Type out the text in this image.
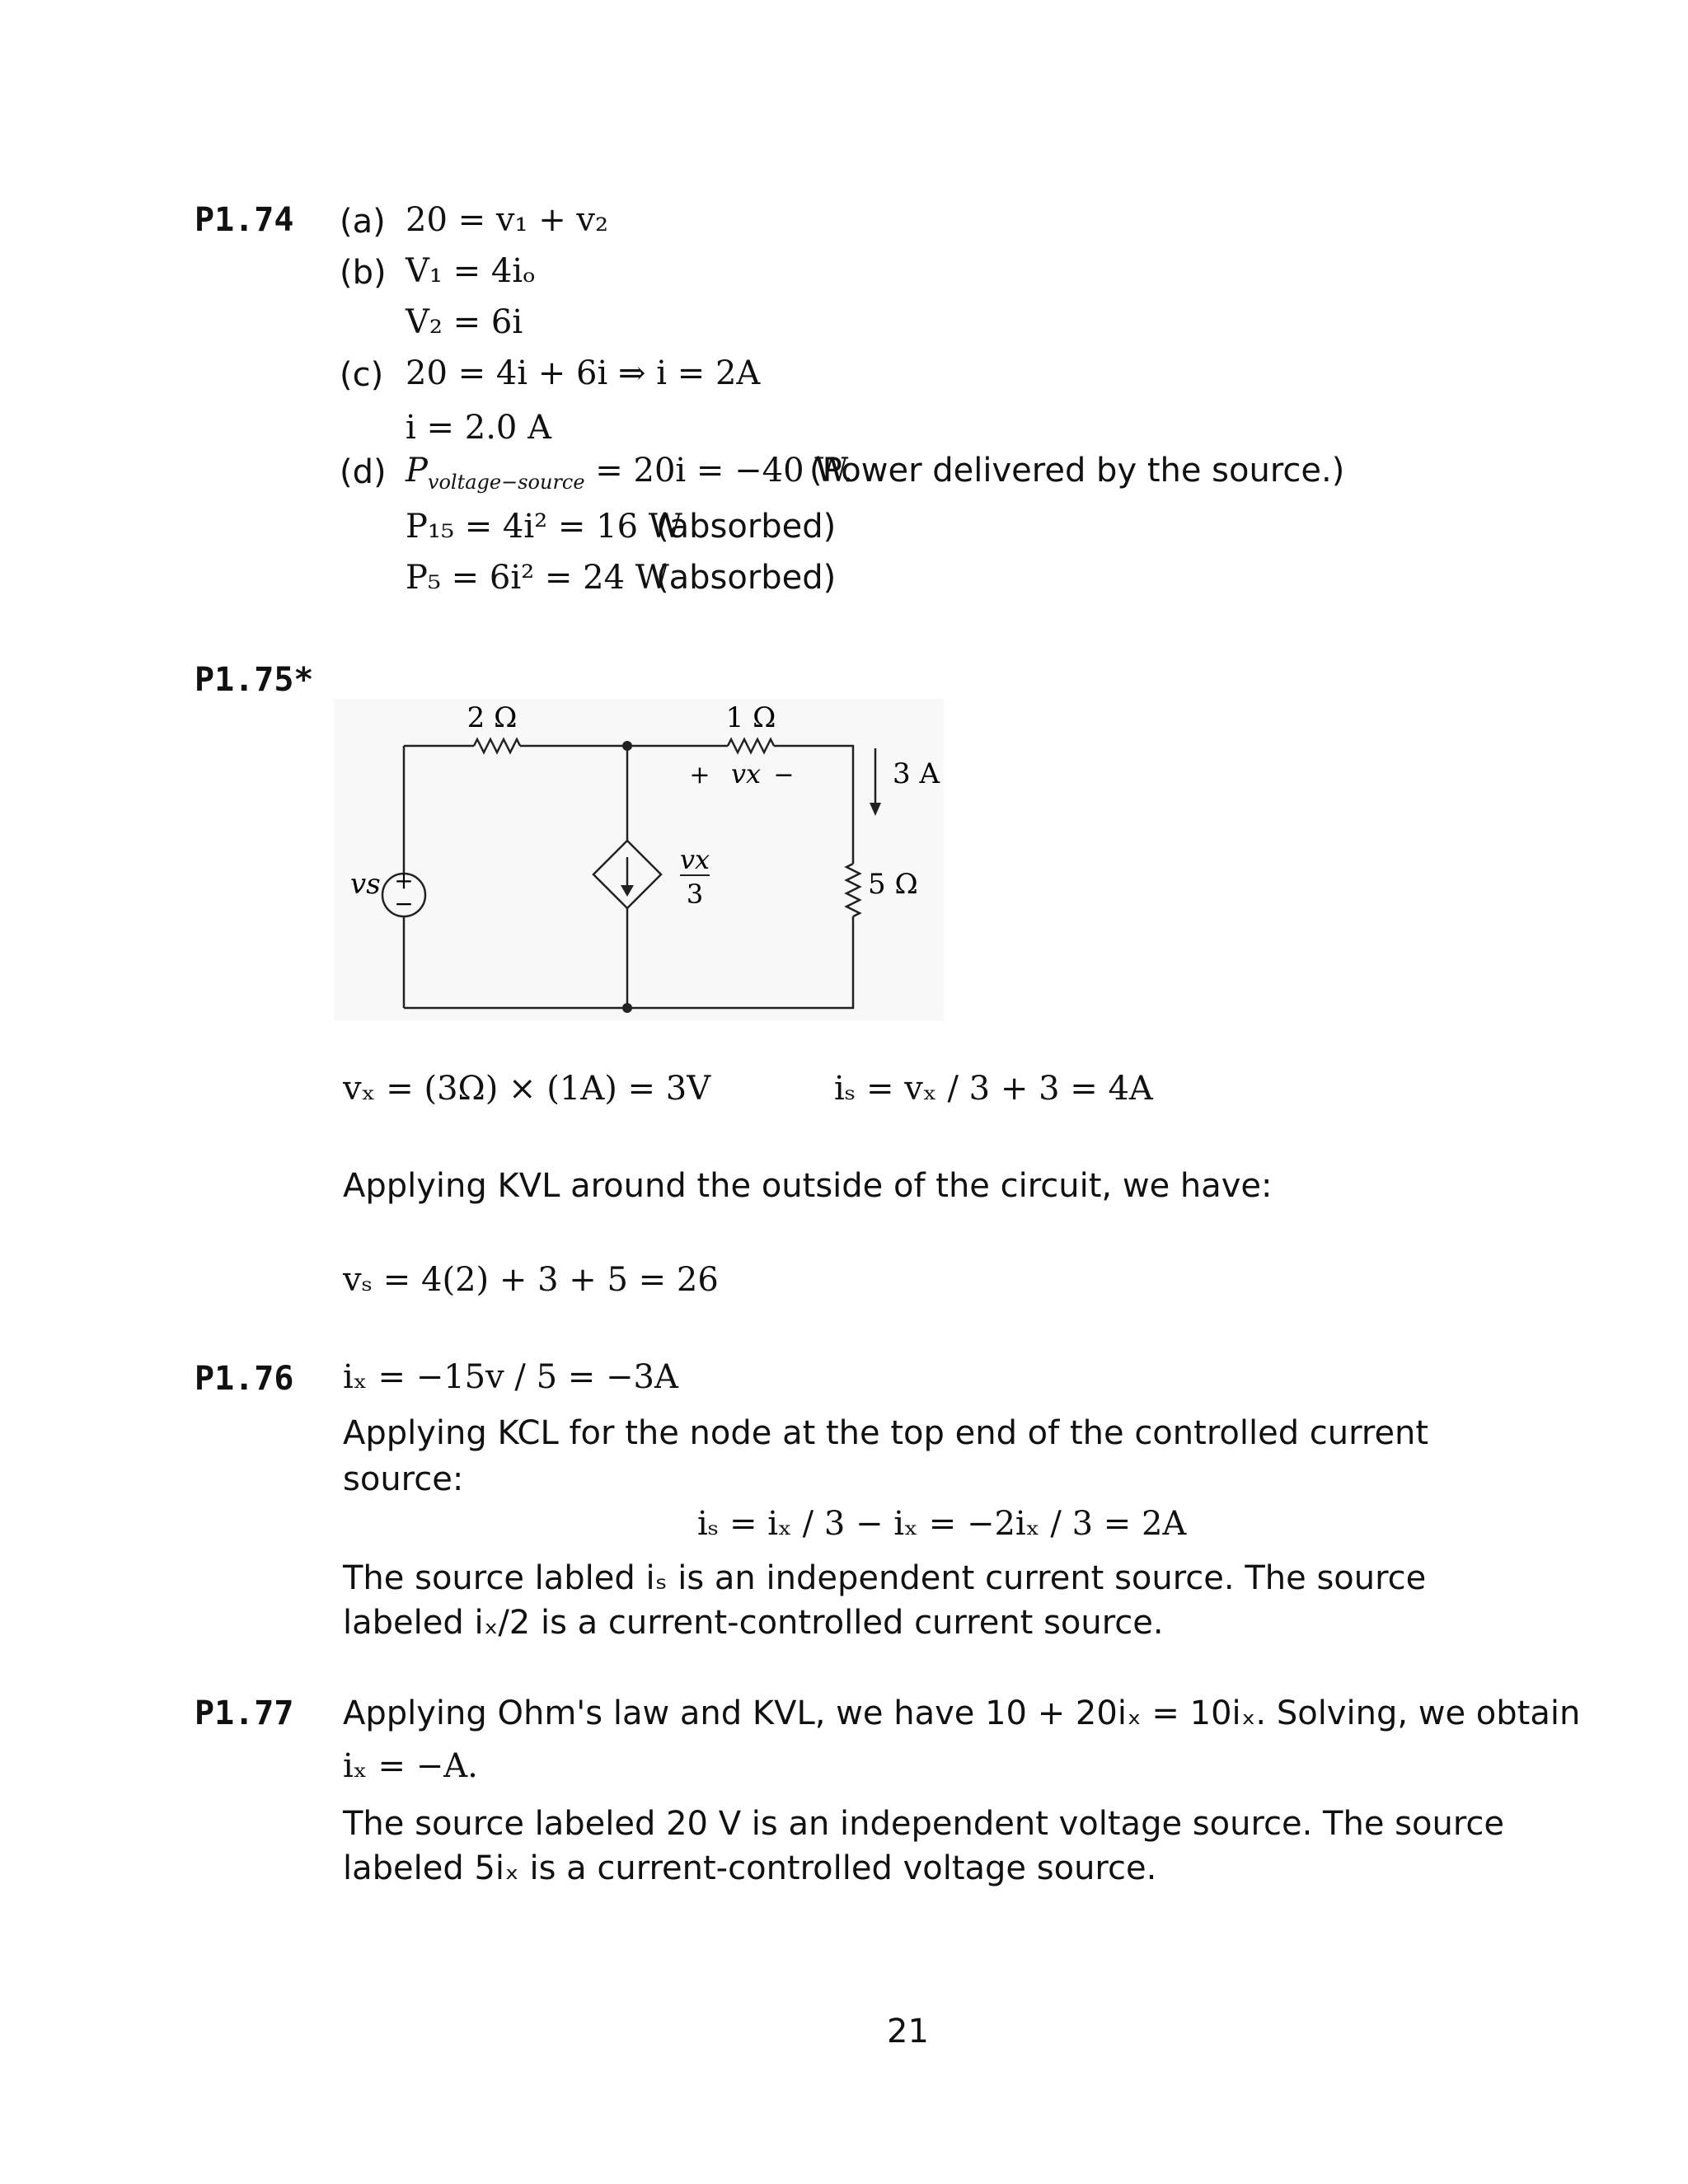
P1.74 (a) 20 = v₁ + v₂
(b) V₁ = 4iₒ
V₂ = 6i
(c) 20 = 4i + 6i ⇒ i = 2A
i = 2.0 A
(d) $P_{voltage-source} = 20i = -40$ W.
(Power delivered by the source.)
P₁₅ = 4i² = 16 W
(absorbed)
P₅ = 6i² = 24 W
(absorbed)
P1.75*
2 Ω	1 Ω
+ vx −	3 A
vs +
−
vx
3	5 Ω
vₓ = (3Ω) × (1A) = 3V	iₛ = vₓ / 3 + 3 = 4A
Applying KVL around the outside of the circuit, we have:
vₛ = 4(2) + 3 + 5 = 26
P1.76 iₓ = −15v / 5 = −3A
Applying KCL for the node at the top end of the controlled current
source:
iₛ = iₓ / 3 − iₓ = −2iₓ / 3 = 2A
The source labled iₛ is an independent current source. The source
labeled iₓ/2 is a current-controlled current source.
P1.77 Applying Ohm's law and KVL, we have 10 + 20iₓ = 10iₓ. Solving, we obtain
iₓ = −A.
The source labeled 20 V is an independent voltage source. The source
labeled 5iₓ is a current-controlled voltage source.
21
